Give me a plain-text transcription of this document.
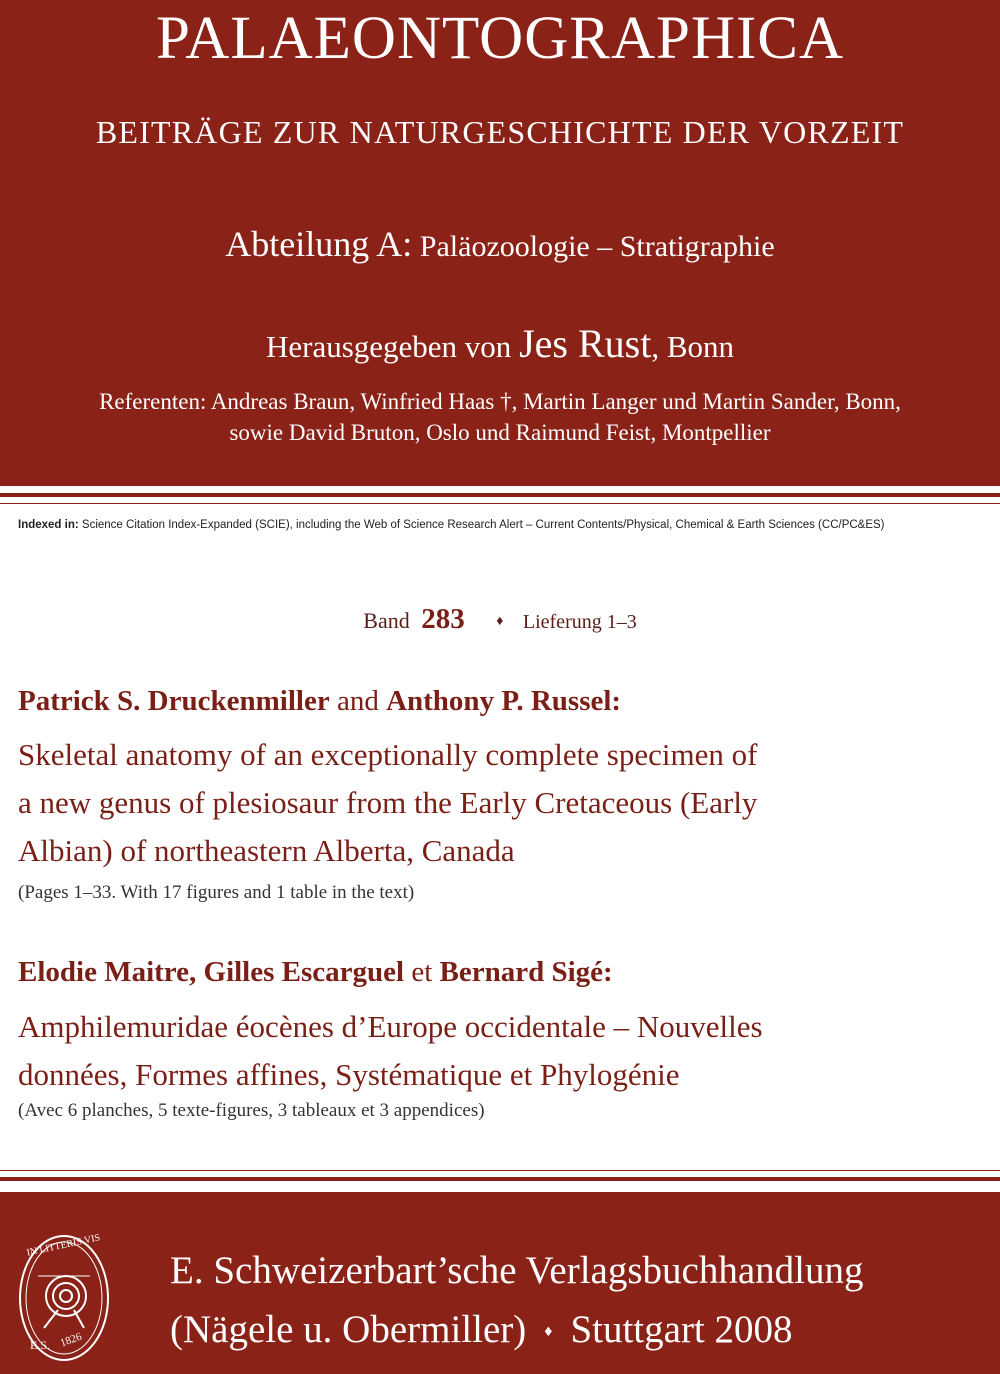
PALAEONTOGRAPHICA
BEITRÄGE ZUR NATURGESCHICHTE DER VORZEIT
Abteilung A: Paläozoologie – Stratigraphie
Herausgegeben von Jes Rust, Bonn
Referenten: Andreas Braun, Winfried Haas †, Martin Langer und Martin Sander, Bonn,
sowie David Bruton, Oslo und Raimund Feist, Montpellier
Indexed in: Science Citation Index-Expanded (SCIE), including the Web of Science Research Alert – Current Contents/Physical, Chemical & Earth Sciences (CC/PC&ES)
Band 283 ♦ Lieferung 1–3
Patrick S. Druckenmiller and Anthony P. Russel:
Skeletal anatomy of an exceptionally complete specimen of
a new genus of plesiosaur from the Early Cretaceous (Early
Albian) of northeastern Alberta, Canada
(Pages 1–33. With 17 figures and 1 table in the text)
Elodie Maitre, Gilles Escarguel et Bernard Sigé:
Amphilemuridae éocènes d’Europe occidentale – Nouvelles
données, Formes affines, Systématique et Phylogénie
(Avec 6 planches, 5 texte-figures, 3 tableaux et 3 appendices)
IN LITTERIS VIS
E.S. 1826
E. Schweizerbart’sche Verlagsbuchhandlung
(Nägele u. Obermiller) ♦ Stuttgart 2008
